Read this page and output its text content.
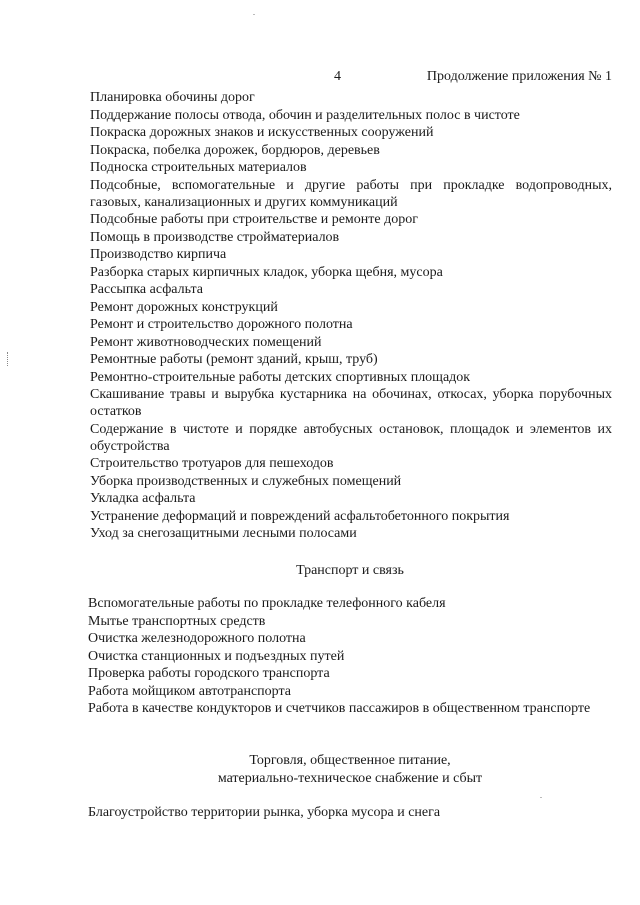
4	Продолжение приложения № 1
Планировка обочины дорог
Поддержание полосы отвода, обочин и разделительных полос в чистоте
Покраска дорожных знаков и искусственных сооружений
Покраска, побелка дорожек, бордюров, деревьев
Подноска строительных материалов
Подсобные, вспомогательные и другие работы при прокладке водопроводных, газовых, канализационных и других коммуникаций
Подсобные работы при строительстве и ремонте дорог
Помощь в производстве стройматериалов
Производство кирпича
Разборка старых кирпичных кладок, уборка щебня, мусора
Рассыпка асфальта
Ремонт дорожных конструкций
Ремонт и строительство дорожного полотна
Ремонт животноводческих помещений
Ремонтные работы (ремонт зданий, крыш, труб)
Ремонтно-строительные работы детских спортивных площадок
Скашивание травы и вырубка кустарника на обочинах, откосах, уборка порубочных остатков
Содержание в чистоте и порядке автобусных остановок, площадок и элементов их обустройства
Строительство тротуаров для пешеходов
Уборка производственных и служебных помещений
Укладка асфальта
Устранение деформаций и повреждений асфальтобетонного покрытия
Уход за снегозащитными лесными полосами
Транспорт и связь
Вспомогательные работы по прокладке телефонного кабеля
Мытье транспортных средств
Очистка железнодорожного полотна
Очистка станционных и подъездных путей
Проверка работы городского транспорта
Работа мойщиком автотранспорта
Работа в качестве кондукторов и счетчиков пассажиров в общественном транспорте
Торговля, общественное питание,
материально-техническое снабжение и сбыт
Благоустройство территории рынка, уборка мусора и снега
